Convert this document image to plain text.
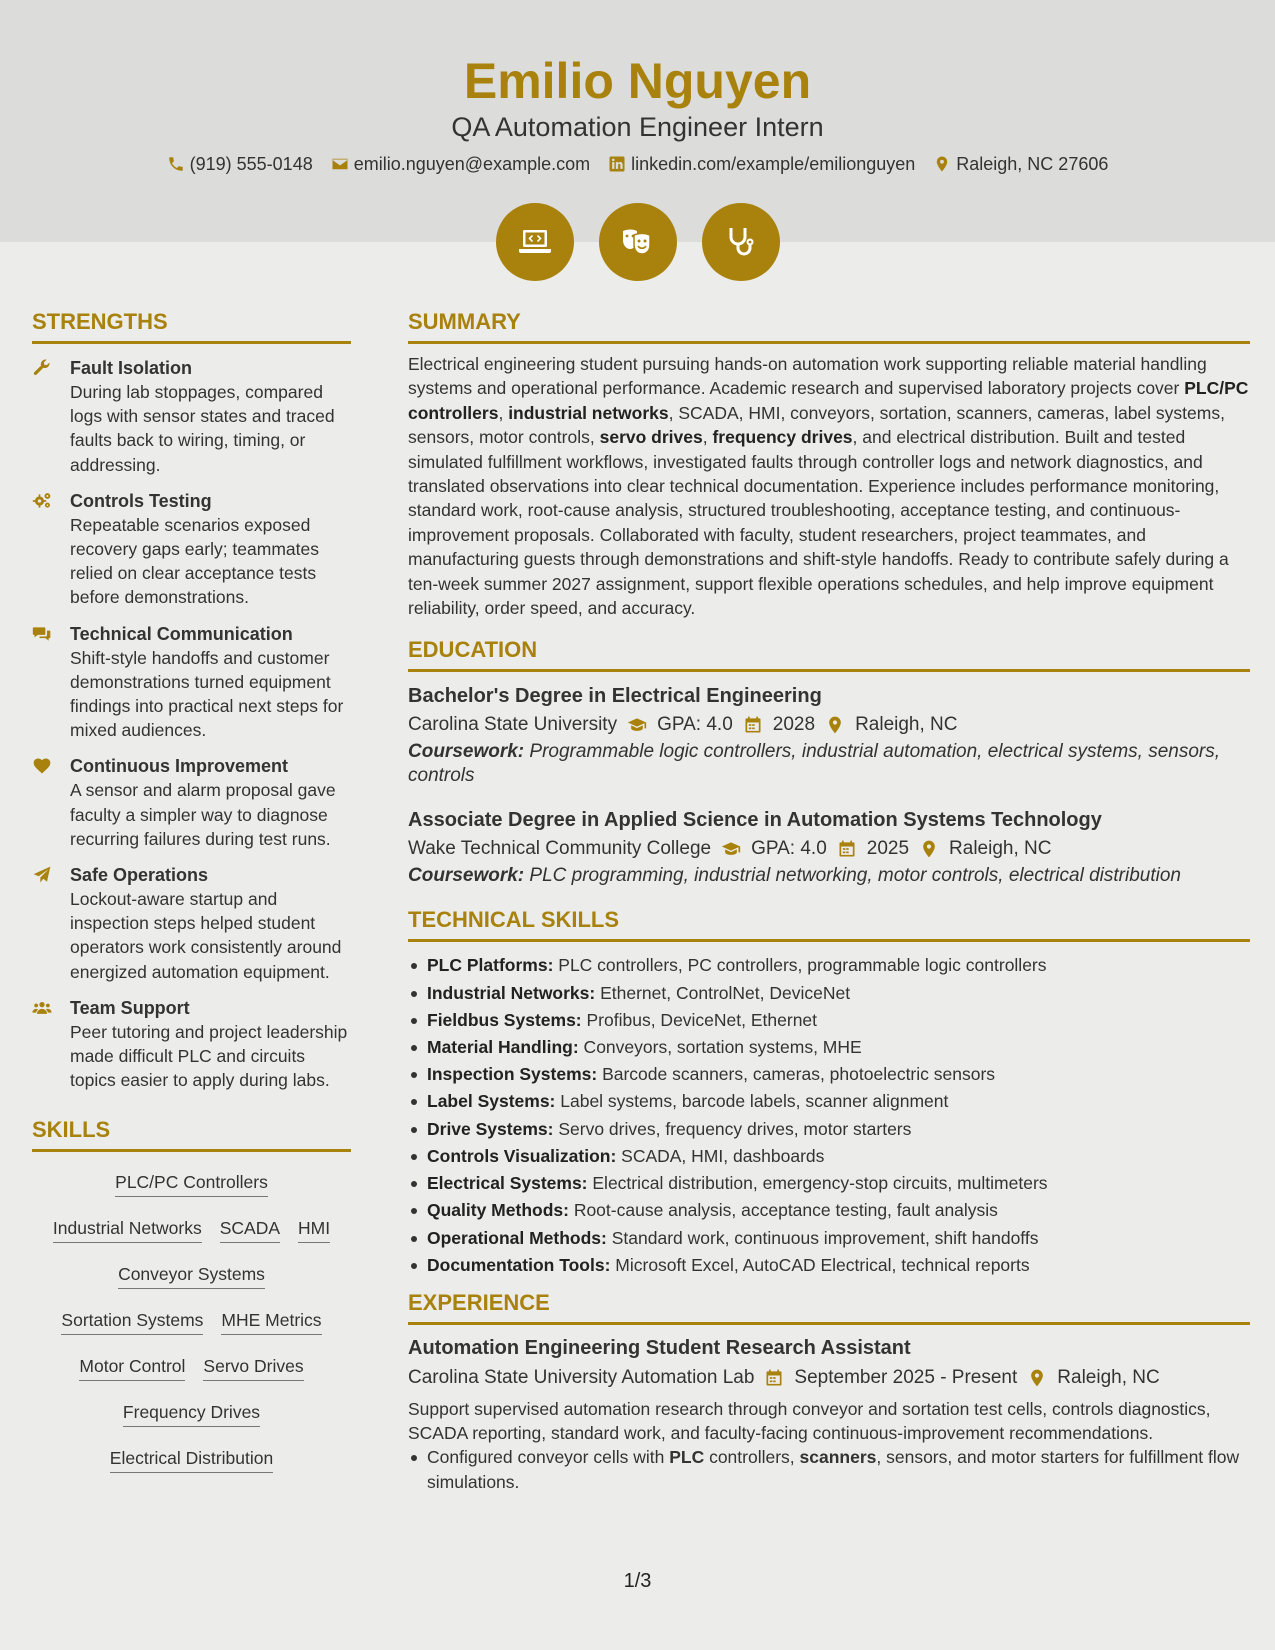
Emilio Nguyen
QA Automation Engineer Intern
(919) 555-0148 emilio.nguyen@example.com linkedin.com/example/emilionguyen Raleigh, NC 27606
STRENGTHS
Fault Isolation

During lab stoppages, compared logs with sensor states and traced faults back to wiring, timing, or addressing.

Controls Testing

Repeatable scenarios exposed recovery gaps early; teammates relied on clear acceptance tests before demonstrations.

Technical Communication

Shift-style handoffs and customer demonstrations turned equipment findings into practical next steps for mixed audiences.

Continuous Improvement

A sensor and alarm proposal gave faculty a simpler way to diagnose recurring failures during test runs.

Safe Operations

Lockout-aware startup and inspection steps helped student operators work consistently around energized automation equipment.

Team Support

Peer tutoring and project leadership made difficult PLC and circuits topics easier to apply during labs.

SKILLS
PLC/PC Controllers
Industrial Networks SCADA HMI
Conveyor Systems
Sortation Systems MHE Metrics
Motor Control Servo Drives
Frequency Drives
Electrical Distribution
SUMMARY
Electrical engineering student pursuing hands-on automation work supporting reliable material handling systems and operational performance. Academic research and supervised laboratory projects cover PLC/PC controllers, industrial networks, SCADA, HMI, conveyors, sortation, scanners, cameras, label systems, sensors, motor controls, servo drives, frequency drives, and electrical distribution. Built and tested simulated fulfillment workflows, investigated faults through controller logs and network diagnostics, and translated observations into clear technical documentation. Experience includes performance monitoring, standard work, root-cause analysis, structured troubleshooting, acceptance testing, and continuous-improvement proposals. Collaborated with faculty, student researchers, project teammates, and manufacturing guests through demonstrations and shift-style handoffs. Ready to contribute safely during a ten-week summer 2027 assignment, support flexible operations schedules, and help improve equipment reliability, order speed, and accuracy.
EDUCATION
Bachelor's Degree in Electrical Engineering
Carolina State University GPA: 4.0 2028 Raleigh, NC
Coursework: Programmable logic controllers, industrial automation, electrical systems, sensors, controls
Associate Degree in Applied Science in Automation Systems Technology
Wake Technical Community College GPA: 4.0 2025 Raleigh, NC
Coursework: PLC programming, industrial networking, motor controls, electrical distribution
TECHNICAL SKILLS
PLC Platforms: PLC controllers, PC controllers, programmable logic controllers
Industrial Networks: Ethernet, ControlNet, DeviceNet
Fieldbus Systems: Profibus, DeviceNet, Ethernet
Material Handling: Conveyors, sortation systems, MHE
Inspection Systems: Barcode scanners, cameras, photoelectric sensors
Label Systems: Label systems, barcode labels, scanner alignment
Drive Systems: Servo drives, frequency drives, motor starters
Controls Visualization: SCADA, HMI, dashboards
Electrical Systems: Electrical distribution, emergency-stop circuits, multimeters
Quality Methods: Root-cause analysis, acceptance testing, fault analysis
Operational Methods: Standard work, continuous improvement, shift handoffs
Documentation Tools: Microsoft Excel, AutoCAD Electrical, technical reports
EXPERIENCE
Automation Engineering Student Research Assistant
Carolina State University Automation Lab September 2025 - Present Raleigh, NC

Support supervised automation research through conveyor and sortation test cells, controls diagnostics, SCADA reporting, standard work, and faculty-facing continuous-improvement recommendations.

Configured conveyor cells with PLC controllers, scanners, sensors, and motor starters for fulfillment flow simulations.
1/3
